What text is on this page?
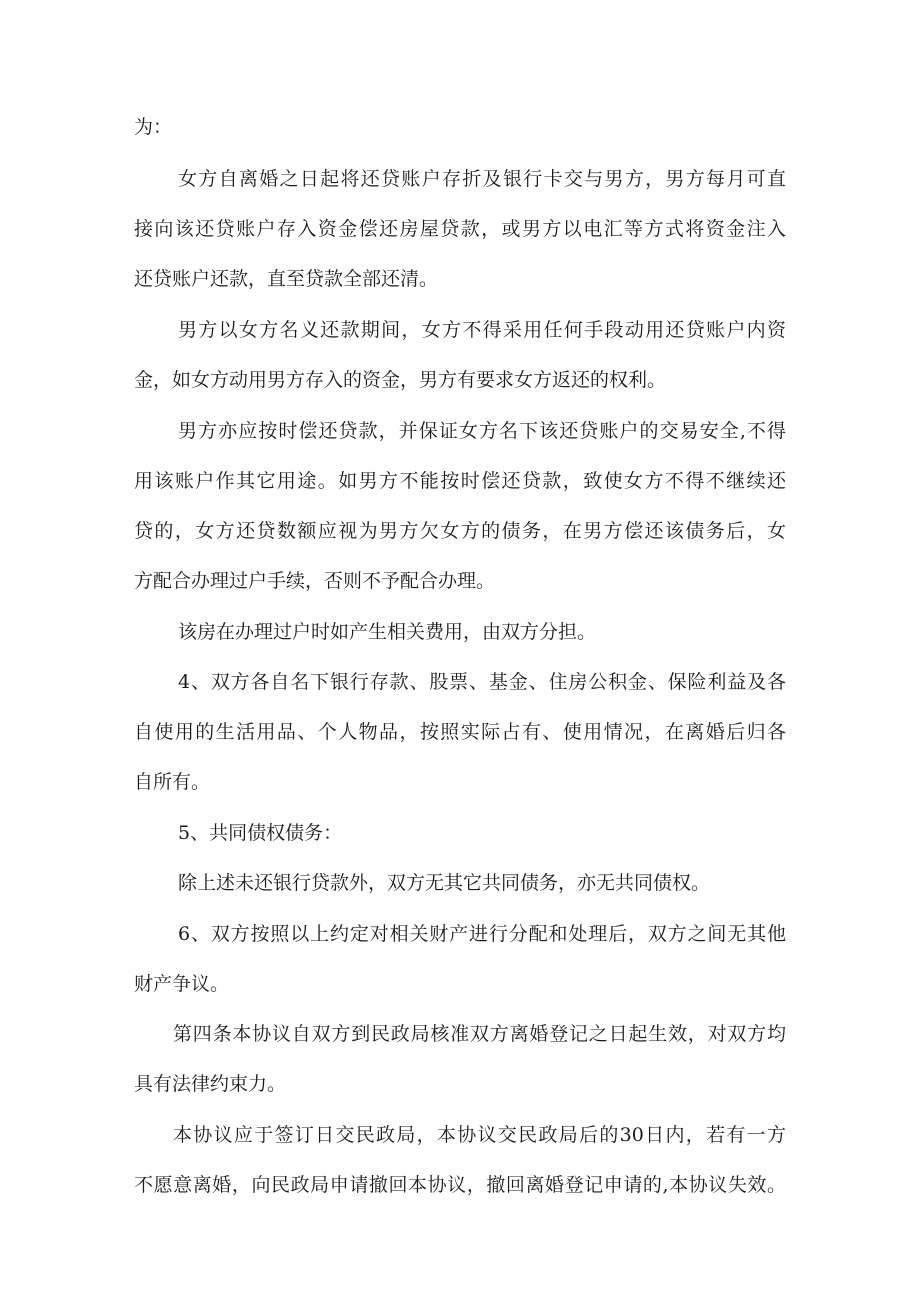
为：

女方自离婚之日起将还贷账户存折及银行卡交与男方，男方每月可直

接向该还贷账户存入资金偿还房屋贷款，或男方以电汇等方式将资金注入

还贷账户还款，直至贷款全部还清。

男方以女方名义还款期间，女方不得采用任何手段动用还贷账户内资

金，如女方动用男方存入的资金，男方有要求女方返还的权利。

男方亦应按时偿还贷款，并保证女方名下该还贷账户的交易安全,不得

用该账户作其它用途。如男方不能按时偿还贷款，致使女方不得不继续还

贷的，女方还贷数额应视为男方欠女方的债务，在男方偿还该债务后，女

方配合办理过户手续，否则不予配合办理。

该房在办理过户时如产生相关费用，由双方分担。

4、双方各自名下银行存款、股票、基金、住房公积金、保险利益及各

自使用的生活用品、个人物品，按照实际占有、使用情况，在离婚后归各

自所有。

5、共同债权债务：

除上述未还银行贷款外，双方无其它共同债务，亦无共同债权。

6、双方按照以上约定对相关财产进行分配和处理后，双方之间无其他

财产争议。

第四条本协议自双方到民政局核准双方离婚登记之日起生效，对双方均

具有法律约束力。

本协议应于签订日交民政局，本协议交民政局后的30日内，若有一方

不愿意离婚，向民政局申请撤回本协议，撤回离婚登记申请的,本协议失效。
